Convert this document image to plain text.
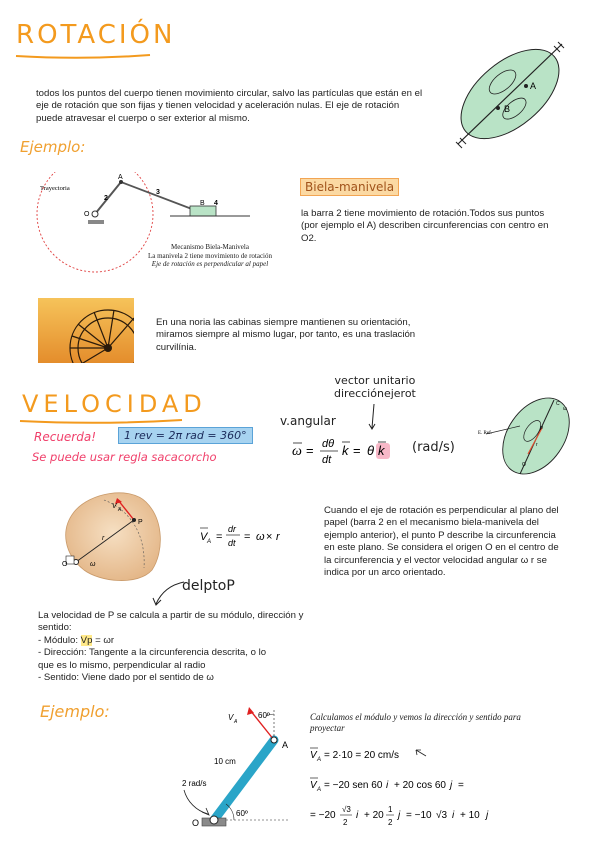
ROTACIÓN
todos los puntos del cuerpo tienen movimiento circular, salvo las partículas que están en el eje de rotación que son fijas y tienen velocidad y aceleración nulas. El eje de rotación puede atravesar el cuerpo o ser exterior al mismo.
A
B
Ejemplo:
Trayectoria
A
2
3
B 4
O
Mecanismo Biela-Manivela
La manivela 2 tiene movimiento de rotación
Eje de rotación es perpendicular al papel
Biela-manivela
la barra 2 tiene movimiento de rotación.Todos sus puntos (por ejemplo el A) describen circunferencias con centro en O2.
En una noria las cabinas siempre mantienen su orientación, miramos siempre al mismo lugar, por tanto, es una traslación curvilínia.
VELOCIDAD
Recuerda!	1 rev = 2π rad = 360°
Se puede usar regla sacacorcho
v.angular
vector unitario
direcciónejerot
ω = dθ
dt
k = θ k (rad/s)
C
ω
E. Ref.
P
r
O
V A
P
r
O	ω
V A =
dr
dt = ω × r
delptoP
Cuando el eje de rotación es perpendicular al plano del papel (barra 2 en el mecanismo biela-manivela del ejemplo anterior), el punto P describe la circunferencia en este plano. Se considera el origen O en el centro de la circunferencia y el vector velocidad angular ω r se indica por un arco orientado.
La velocidad de P se calcula a partir de su módulo, dirección y sentido:
- Módulo: Vp = ωr
- Dirección: Tangente a la circunferencia descrita, o lo que es lo mismo, perpendicular al radio
- Sentido: Viene dado por el sentido de ω
Ejemplo:	V A
60º
A
10 cm
2 rad/s
60º
O
Calculamos el módulo y vemos la dirección y sentido para proyectar
V A = 2·10 = 20 cm/s
V A = −20 sen 60 i + 20 cos 60 j =
= −20
√3
2
i + 20
1
2
j = −10 √3 i + 10 j
